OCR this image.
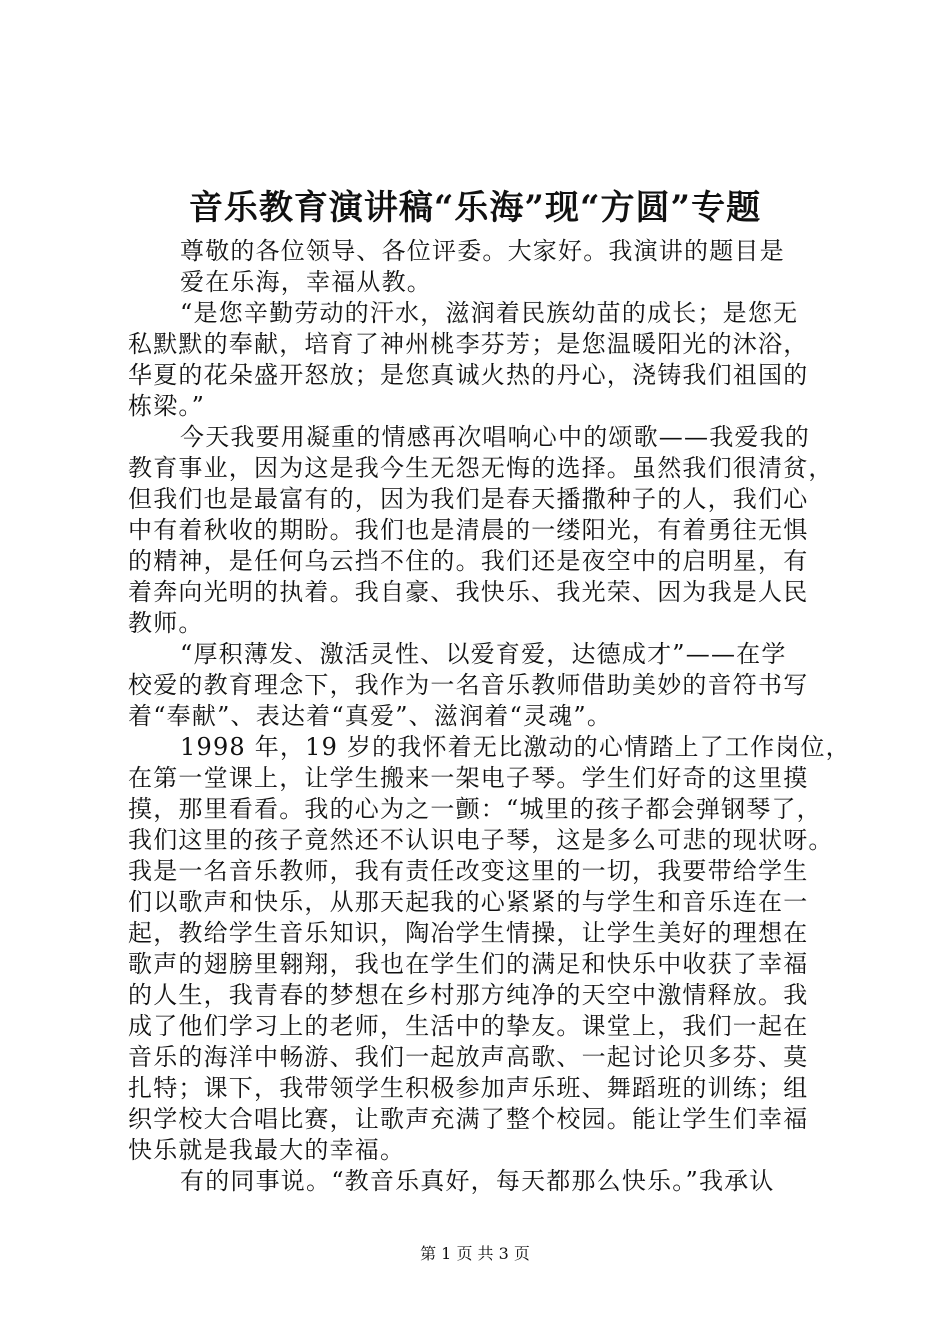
音乐教育演讲稿“乐海”现“方圆”专题
尊敬的各位领导、各位评委。大家好。我演讲的题目是
爱在乐海，幸福从教。
“是您辛勤劳动的汗水，滋润着民族幼苗的成长；是您无
私默默的奉献，培育了神州桃李芬芳；是您温暖阳光的沐浴，
华夏的花朵盛开怒放；是您真诚火热的丹心，浇铸我们祖国的
栋梁。”
今天我要用凝重的情感再次唱响心中的颂歌——我爱我的
教育事业，因为这是我今生无怨无悔的选择。虽然我们很清贫，
但我们也是最富有的，因为我们是春天播撒种子的人，我们心
中有着秋收的期盼。我们也是清晨的一缕阳光，有着勇往无惧
的精神，是任何乌云挡不住的。我们还是夜空中的启明星，有
着奔向光明的执着。我自豪、我快乐、我光荣、因为我是人民
教师。
“厚积薄发、激活灵性、以爱育爱，达德成才”——在学
校爱的教育理念下，我作为一名音乐教师借助美妙的音符书写
着“奉献”、表达着“真爱”、滋润着“灵魂”。
1998 年，19 岁的我怀着无比激动的心情踏上了工作岗位，
在第一堂课上，让学生搬来一架电子琴。学生们好奇的这里摸
摸，那里看看。我的心为之一颤：“城里的孩子都会弹钢琴了，
我们这里的孩子竟然还不认识电子琴，这是多么可悲的现状呀。
我是一名音乐教师，我有责任改变这里的一切，我要带给学生
们以歌声和快乐，从那天起我的心紧紧的与学生和音乐连在一
起，教给学生音乐知识，陶冶学生情操，让学生美好的理想在
歌声的翅膀里翱翔，我也在学生们的满足和快乐中收获了幸福
的人生，我青春的梦想在乡村那方纯净的天空中激情释放。我
成了他们学习上的老师，生活中的挚友。课堂上，我们一起在
音乐的海洋中畅游、我们一起放声高歌、一起讨论贝多芬、莫
扎特；课下，我带领学生积极参加声乐班、舞蹈班的训练；组
织学校大合唱比赛，让歌声充满了整个校园。能让学生们幸福
快乐就是我最大的幸福。
有的同事说。“教音乐真好，每天都那么快乐。”我承认
第 1 页 共 3 页
